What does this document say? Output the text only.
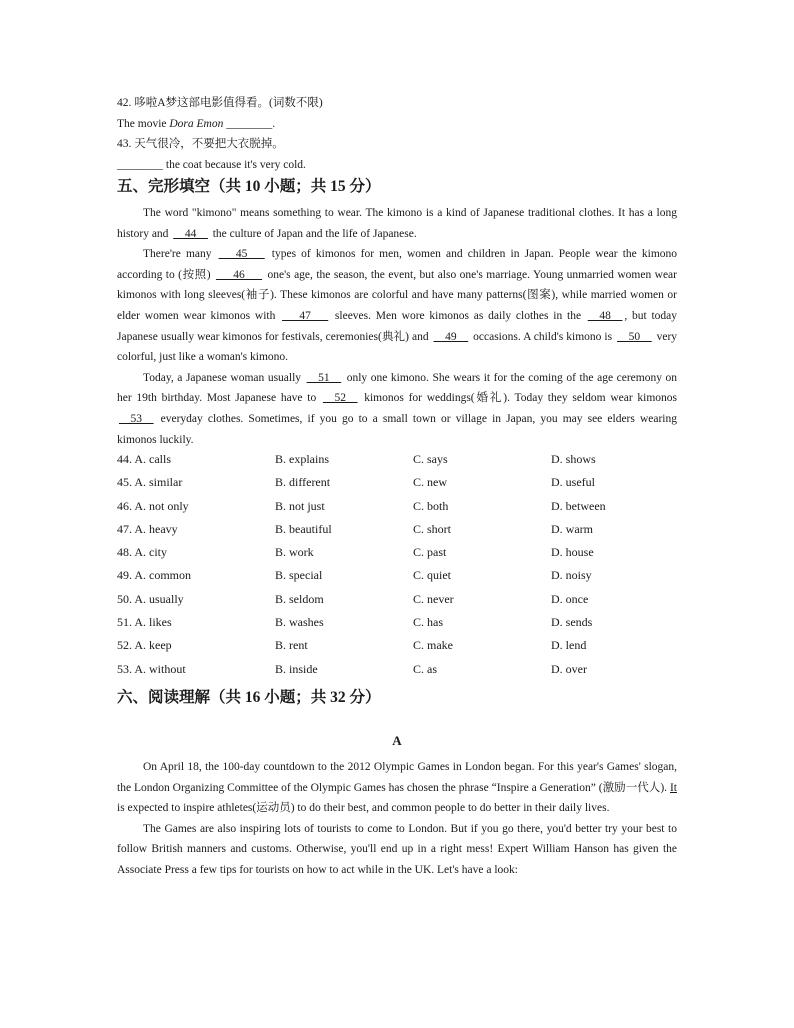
42. 哆啦A梦这部电影值得看。(词数不限)
The movie Dora Emon ________.
43. 天气很冷，不要把大衣脱掉。
________ the coat because it's very cold.
五、完形填空（共 10 小题；共 15 分）

The word "kimono" means something to wear. The kimono is a kind of Japanese traditional clothes. It has a long history and __44__ the culture of Japan and the life of Japanese.

There're many ___45___ types of kimonos for men, women and children in Japan. People wear the kimono according to (按照) ___46___ one's age, the season, the event, but also one's marriage. Young unmarried women wear kimonos with long sleeves(袖子). These kimonos are colorful and have many patterns(图案), while married women or elder women wear kimonos with ___47___ sleeves. Men wore kimonos as daily clothes in the __48__ , but today Japanese usually wear kimonos for festivals, ceremonies(典礼) and __49__ occasions. A child's kimono is __50__ very colorful, just like a woman's kimono.

Today, a Japanese woman usually __51__ only one kimono. She wears it for the coming of the age ceremony on her 19th birthday. Most Japanese have to __52__ kimonos for weddings(婚礼). Today they seldom wear kimonos __53__ everyday clothes. Sometimes, if you go to a small town or village in Japan, you may see elders wearing kimonos luckily.

44. A. calls	B. explains	C. says	D. shows
45. A. similar	B. different	C. new	D. useful
46. A. not only	B. not just	C. both	D. between
47. A. heavy	B. beautiful	C. short	D. warm
48. A. city	B. work	C. past	D. house
49. A. common	B. special	C. quiet	D. noisy
50. A. usually	B. seldom	C. never	D. once
51. A. likes	B. washes	C. has	D. sends
52. A. keep	B. rent	C. make	D. lend
53. A. without	B. inside	C. as	D. over
六、阅读理解（共 16 小题；共 32 分）
A

On April 18, the 100-day countdown to the 2012 Olympic Games in London began. For this year's Games' slogan, the London Organizing Committee of the Olympic Games has chosen the phrase “Inspire a Generation” (激励一代人). It is expected to inspire athletes(运动员) to do their best, and common people to do better in their daily lives.

The Games are also inspiring lots of tourists to come to London. But if you go there, you'd better try your best to follow British manners and customs. Otherwise, you'll end up in a right mess! Expert William Hanson has given the Associate Press a few tips for tourists on how to act while in the UK. Let's have a look:
